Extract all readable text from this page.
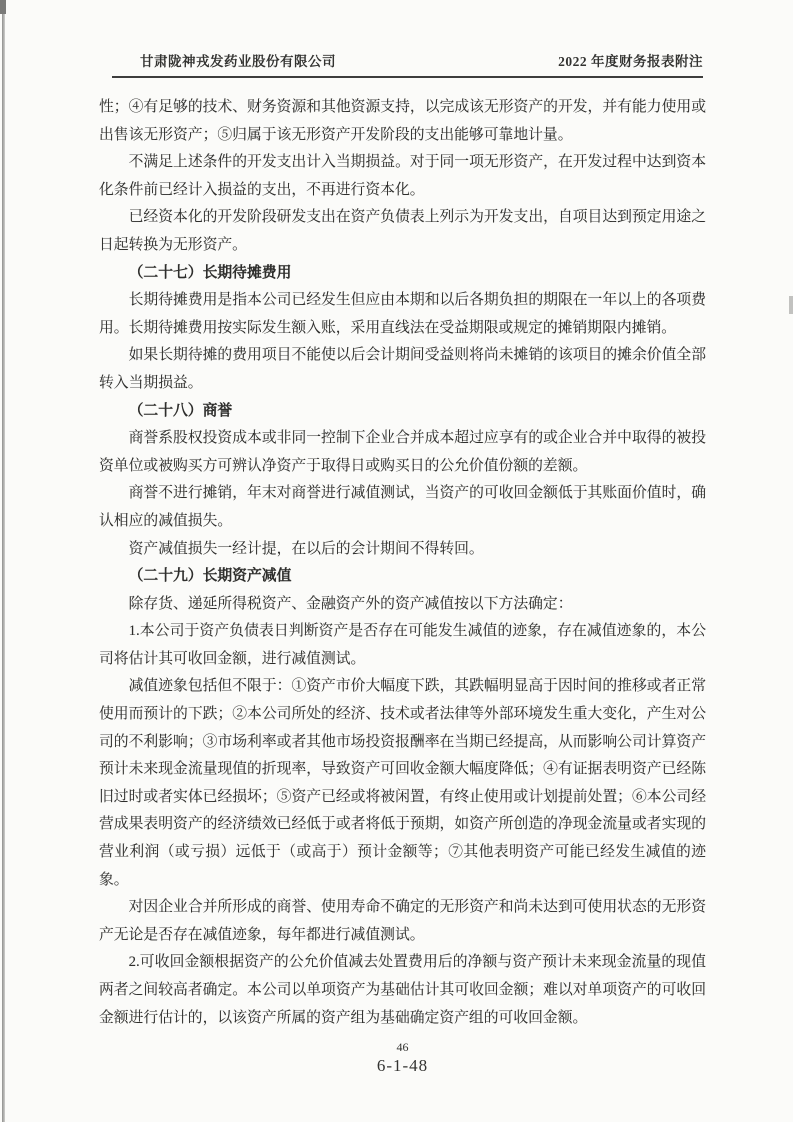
甘肃陇神戎发药业股份有限公司	2022 年度财务报表附注

性；④有足够的技术、财务资源和其他资源支持，以完成该无形资产的开发，并有能力使用或出售该无形资产；⑤归属于该无形资产开发阶段的支出能够可靠地计量。

不满足上述条件的开发支出计入当期损益。对于同一项无形资产，在开发过程中达到资本化条件前已经计入损益的支出，不再进行资本化。

已经资本化的开发阶段研发支出在资产负债表上列示为开发支出，自项目达到预定用途之日起转换为无形资产。

（二十七）长期待摊费用

长期待摊费用是指本公司已经发生但应由本期和以后各期负担的期限在一年以上的各项费用。长期待摊费用按实际发生额入账，采用直线法在受益期限或规定的摊销期限内摊销。

如果长期待摊的费用项目不能使以后会计期间受益则将尚未摊销的该项目的摊余价值全部转入当期损益。

（二十八）商誉

商誉系股权投资成本或非同一控制下企业合并成本超过应享有的或企业合并中取得的被投资单位或被购买方可辨认净资产于取得日或购买日的公允价值份额的差额。

商誉不进行摊销，年末对商誉进行减值测试，当资产的可收回金额低于其账面价值时，确认相应的减值损失。

资产减值损失一经计提，在以后的会计期间不得转回。

（二十九）长期资产减值

除存货、递延所得税资产、金融资产外的资产减值按以下方法确定：

1.本公司于资产负债表日判断资产是否存在可能发生减值的迹象，存在减值迹象的，本公司将估计其可收回金额，进行减值测试。

减值迹象包括但不限于：①资产市价大幅度下跌，其跌幅明显高于因时间的推移或者正常使用而预计的下跌；②本公司所处的经济、技术或者法律等外部环境发生重大变化，产生对公司的不利影响；③市场利率或者其他市场投资报酬率在当期已经提高，从而影响公司计算资产预计未来现金流量现值的折现率，导致资产可回收金额大幅度降低；④有证据表明资产已经陈旧过时或者实体已经损坏；⑤资产已经或将被闲置，有终止使用或计划提前处置；⑥本公司经营成果表明资产的经济绩效已经低于或者将低于预期，如资产所创造的净现金流量或者实现的营业利润（或亏损）远低于（或高于）预计金额等；⑦其他表明资产可能已经发生减值的迹象。

对因企业合并所形成的商誉、使用寿命不确定的无形资产和尚未达到可使用状态的无形资产无论是否存在减值迹象，每年都进行减值测试。

2.可收回金额根据资产的公允价值减去处置费用后的净额与资产预计未来现金流量的现值两者之间较高者确定。本公司以单项资产为基础估计其可收回金额；难以对单项资产的可收回金额进行估计的，以该资产所属的资产组为基础确定资产组的可收回金额。

46
6-1-48
